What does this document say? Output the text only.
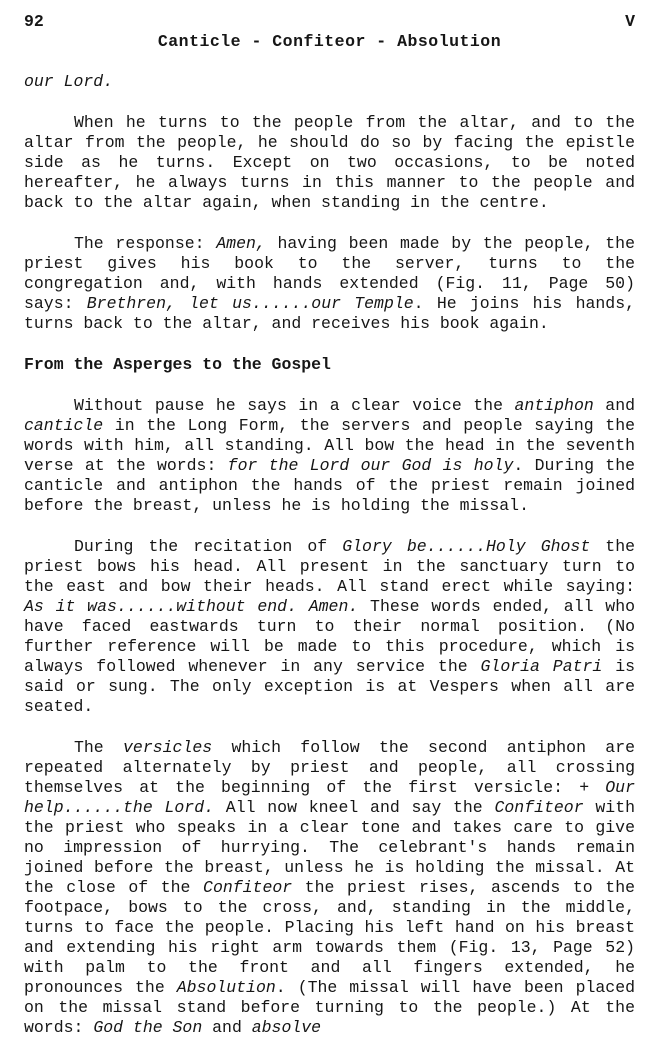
92	V
Canticle - Confiteor - Absolution

our Lord.

When he turns to the people from the altar, and to the altar from the people, he should do so by facing the epistle side as he turns. Except on two occasions, to be noted hereafter, he always turns in this manner to the people and back to the altar again, when standing in the centre.

The response: Amen, having been made by the people, the priest gives his book to the server, turns to the congregation and, with hands extended (Fig. 11, Page 50) says: Brethren, let us......our Temple. He joins his hands, turns back to the altar, and receives his book again.

From the Asperges to the Gospel

Without pause he says in a clear voice the antiphon and canticle in the Long Form, the servers and people saying the words with him, all standing. All bow the head in the seventh verse at the words: for the Lord our God is holy. During the canticle and antiphon the hands of the priest remain joined before the breast, unless he is holding the missal.

During the recitation of Glory be......Holy Ghost the priest bows his head. All present in the sanctuary turn to the east and bow their heads. All stand erect while saying: As it was......without end. Amen. These words ended, all who have faced eastwards turn to their normal position. (No further reference will be made to this procedure, which is always followed whenever in any service the Gloria Patri is said or sung. The only exception is at Vespers when all are seated.

The versicles which follow the second antiphon are repeated alternately by priest and people, all crossing themselves at the beginning of the first versicle: + Our help......the Lord. All now kneel and say the Confiteor with the priest who speaks in a clear tone and takes care to give no impression of hurrying. The celebrant's hands remain joined before the breast, unless he is holding the missal. At the close of the Confiteor the priest rises, ascends to the footpace, bows to the cross, and, standing in the middle, turns to face the people. Placing his left hand on his breast and extending his right arm towards them (Fig. 13, Page 52) with palm to the front and all fingers extended, he pronounces the Absolution. (The missal will have been placed on the missal stand before turning to the people.) At the words: God the Son and absolve
